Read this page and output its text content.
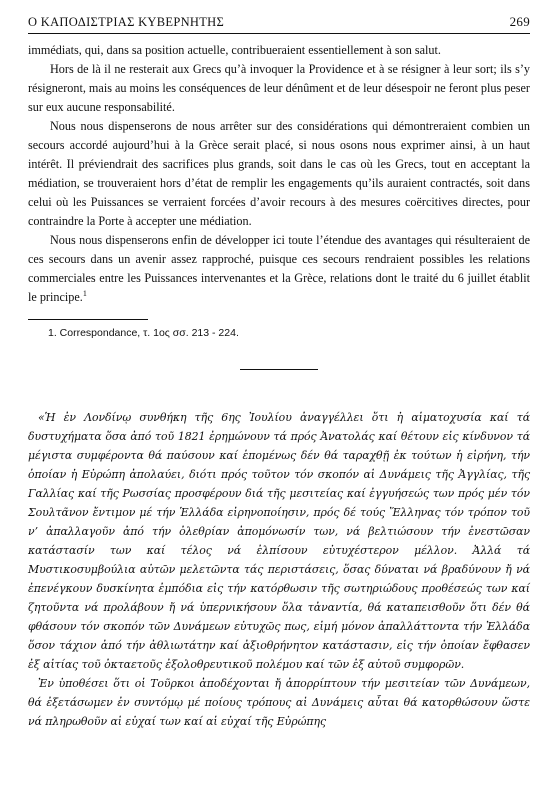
Ο ΚΑΠΟΔΙΣΤΡΙΑΣ ΚΥΒΕΡΝΗΤΗΣ	269

immédiats, qui, dans sa position actuelle, contribueraient essentiellement à son salut.

Hors de là il ne resterait aux Grecs qu’à invoquer la Providence et à se résigner à leur sort; ils s’y résigneront, mais au moins les conséquences de leur dénûment et de leur désespoir ne feront plus peser sur eux aucune responsabilité.

Nous nous dispenserons de nous arrêter sur des considérations qui démontreraient combien un secours accordé aujourd’hui à la Grèce serait placé, si nous osons nous exprimer ainsi, à un haut intérêt. Il préviendrait des sacrifices plus grands, soit dans le cas où les Grecs, tout en acceptant la médiation, se trouveraient hors d’état de remplir les engagements qu’ils auraient contractés, soit dans celui où les Puissances se verraient forcées d’avoir recours à des mesures coërcitives directes, pour contraindre la Porte à accepter une médiation.

Nous nous dispenserons enfin de développer ici toute l’étendue des avantages qui résulteraient de ces secours dans un avenir assez rapproché, puisque ces secours rendraient possibles les relations commerciales entre les Puissances intervenantes et la Grèce, relations dont le traité du 6 juillet établit le principe.$^1$

1. Correspondance, τ. 1ος σσ. 213 - 224.

«Ἡ ἐν Λονδίνῳ συνθήκη τῆς 6ης Ἰουλίου ἀναγγέλλει ὅτι ἡ αἱματοχυσία καί τά δυστυχήματα ὅσα ἀπό τοῦ 1821 ἐρημώνουν τά πρός Ἀνατολάς καί θέτουν εἰς κίνδυνον τά μέγιστα συμφέροντα θά παύσουν καί ἑπομένως δέν θά ταραχθῇ ἐκ τούτων ἡ εἰρήνη, τήν ὁποίαν ἡ Εὐρώπη ἀπολαύει, διότι πρός τοῦτον τόν σκοπόν αἱ Δυνάμεις τῆς Ἀγγλίας, τῆς Γαλλίας καί τῆς Ρωσσίας προσφέρουν διά τῆς μεσιτείας καί ἐγγυήσεώς των πρός μέν τόν Σουλτᾶνον ἔντιμον μέ τήν Ἑλλάδα εἰρηνοποίησιν, πρός δέ τούς Ἕλληνας τόν τρόπον τοῦ ν’ ἀπαλλαγοῦν ἀπό τήν ὀλεθρίαν ἀπομόνωσίν των, νά βελτιώσουν τήν ἐνεστῶσαν κατάστασίν των καί τέλος νά ἐλπίσουν εὐτυχέστερον μέλλον. Ἀλλά τά Μυστικοσυμβούλια αὐτῶν μελετῶντα τάς περιστάσεις, ὅσας δύναται νά βραδύνουν ἤ νά ἐπενέγκουν δυσκίνητα ἐμπόδια εἰς τήν κατόρθωσιν τῆς σωτηριώδους προθέσεώς των καί ζητοῦντα νά προλάβουν ἤ νά ὑπερνικήσουν ὅλα τἀναντία, θά καταπεισθοῦν ὅτι δέν θά φθάσουν τόν σκοπόν τῶν Δυνάμεων εὐτυχῶς πως, εἰμή μόνον ἀπαλλάττοντα τήν Ἑλλάδα ὅσον τάχιον ἀπό τήν ἀθλιωτάτην καί ἀξιοθρήνητον κατάστασιν, εἰς τήν ὁποίαν ἔφθασεν ἐξ αἰτίας τοῦ ὀκταετοῦς ἐξολοθρευτικοῦ πολέμου καί τῶν ἐξ αὐτοῦ συμφορῶν.

Ἐν ὑποθέσει ὅτι οἱ Τοῦρκοι ἀποδέχονται ἤ ἀπορρίπτουν τήν μεσιτείαν τῶν Δυνάμεων, θά ἐξετάσωμεν ἐν συντόμῳ μέ ποίους τρόπους αἱ Δυνάμεις αὗται θά κατορθώσουν ὥστε νά πληρωθοῦν αἱ εὐχαί των καί αἱ εὐχαί τῆς Εὐρώπης
